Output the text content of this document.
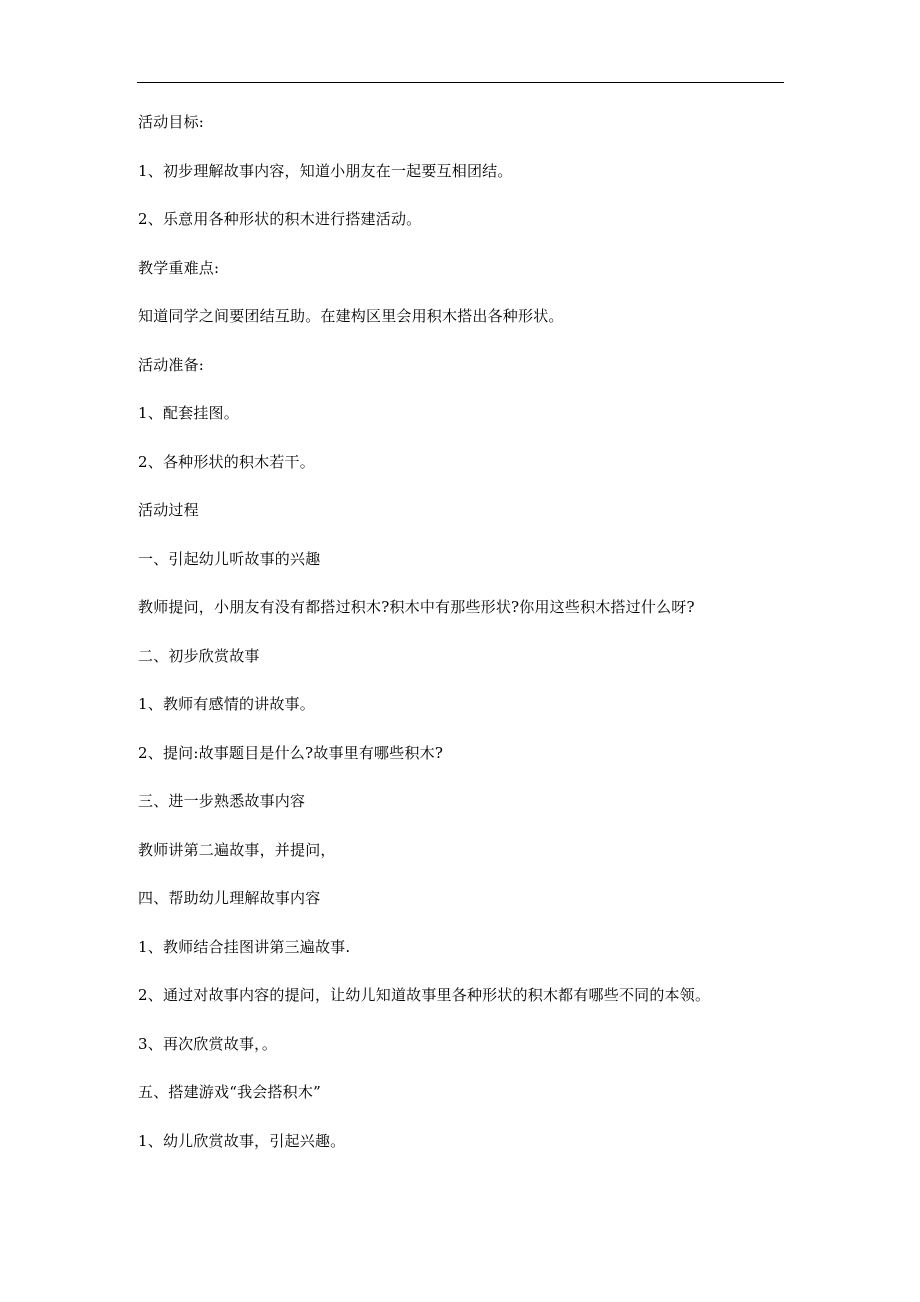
活动目标:

1、初步理解故事内容，知道小朋友在一起要互相团结。

2、乐意用各种形状的积木进行搭建活动。

教学重难点:

知道同学之间要团结互助。在建构区里会用积木搭出各种形状。

活动准备:

1、配套挂图。

2、各种形状的积木若干。

活动过程

一、引起幼儿听故事的兴趣

教师提问，小朋友有没有都搭过积木?积木中有那些形状?你用这些积木搭过什么呀?

二、初步欣赏故事

1、教师有感情的讲故事。

2、提问:故事题目是什么?故事里有哪些积木?

三、进一步熟悉故事内容

教师讲第二遍故事，并提问，

四、帮助幼儿理解故事内容

1、教师结合挂图讲第三遍故事.

2、通过对故事内容的提问，让幼儿知道故事里各种形状的积木都有哪些不同的本领。

3、再次欣赏故事，。

五、搭建游戏“我会搭积木”

1、幼儿欣赏故事，引起兴趣。
